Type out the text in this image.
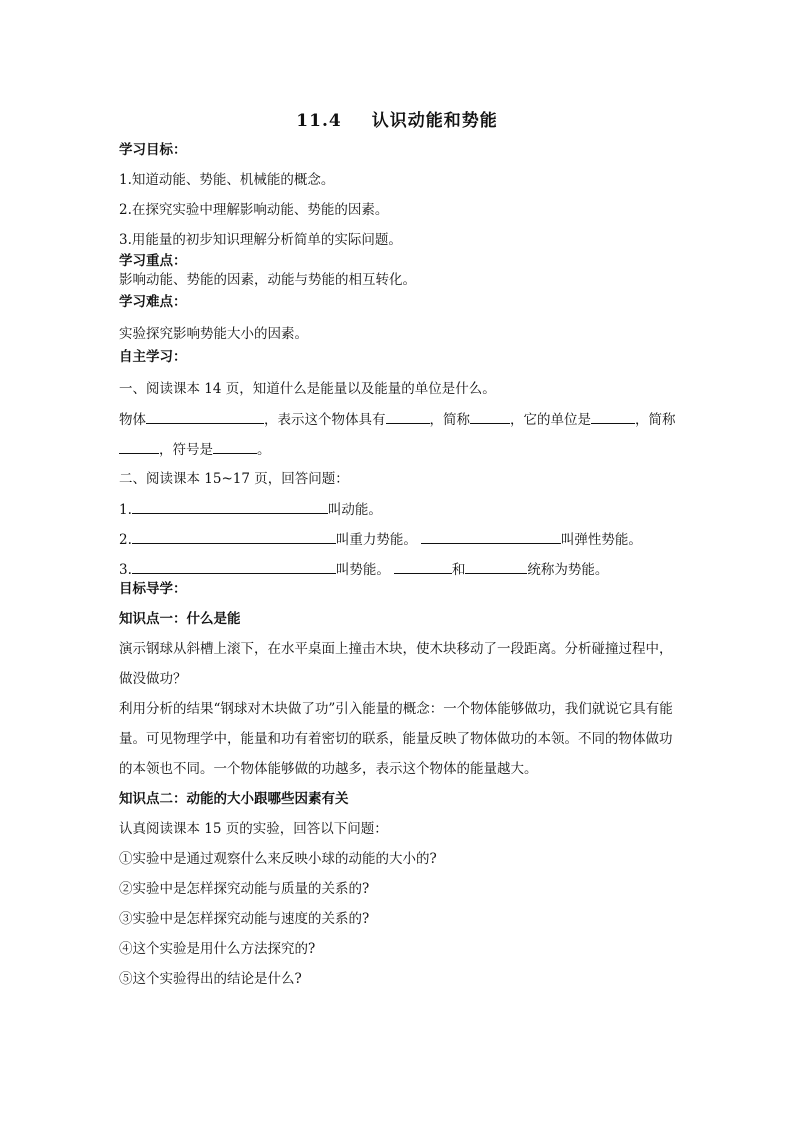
11.4 认识动能和势能
学习目标：
1.知道动能、势能、机械能的概念。
2.在探究实验中理解影响动能、势能的因素。
3.用能量的初步知识理解分析简单的实际问题。
学习重点：
影响动能、势能的因素，动能与势能的相互转化。
学习难点：
实验探究影响势能大小的因素。
自主学习：
一、阅读课本 14 页，知道什么是能量以及能量的单位是什么。
物体	，表示这个物体具有	，简称	，它的单位是	，简称
，符号是	。
二、阅读课本 15~17 页，回答问题：
1.	叫动能。
2.	叫重力势能。	叫弹性势能。
3.	叫势能。	和	统称为势能。
目标导学：
知识点一：什么是能
演示钢球从斜槽上滚下，在水平桌面上撞击木块，使木块移动了一段距离。分析碰撞过程中，做没做功？
利用分析的结果“钢球对木块做了功”引入能量的概念：一个物体能够做功，我们就说它具有能量。可见物理学中，能量和功有着密切的联系，能量反映了物体做功的本领。不同的物体做功的本领也不同。一个物体能够做的功越多，表示这个物体的能量越大。
知识点二：动能的大小跟哪些因素有关
认真阅读课本 15 页的实验，回答以下问题：
①实验中是通过观察什么来反映小球的动能的大小的?
②实验中是怎样探究动能与质量的关系的?
③实验中是怎样探究动能与速度的关系的?
④这个实验是用什么方法探究的?
⑤这个实验得出的结论是什么?
